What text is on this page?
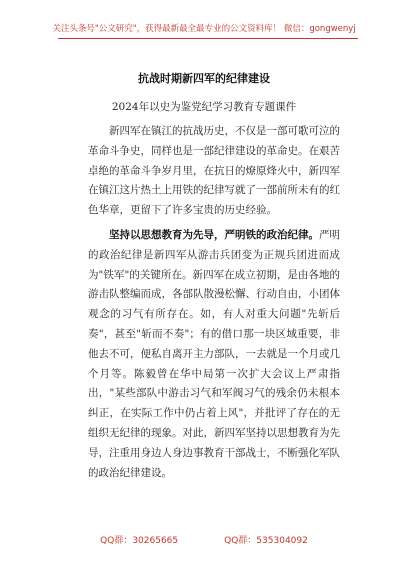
关注头条号"公文研究"，获得最新最全最专业的公文资料库！ 微信：gongwenyj
抗战时期新四军的纪律建设
2024年以史为鉴党纪学习教育专题课件

新四军在镇江的抗战历史，不仅是一部可歌可泣的革命斗争史，同样也是一部纪律建设的革命史。在艰苦卓绝的革命斗争岁月里，在抗日的燎原烽火中，新四军在镇江这片热土上用铁的纪律写就了一部前所未有的红色华章，更留下了许多宝贵的历史经验。

坚持以思想教育为先导，严明铁的政治纪律。严明的政治纪律是新四军从游击兵团变为正规兵团进而成为"铁军"的关键所在。新四军在成立初期，是由各地的游击队整编而成，各部队散漫松懈、行动自由，小团体观念的习气有所存在。如，有人对重大问题"先斩后奏"，甚至"斩而不奏"；有的借口那一块区域重要，非他去不可，便私自离开主力部队，一去就是一个月或几个月等。陈毅曾在华中局第一次扩大会议上严肃指出，"某些部队中游击习气和军阀习气的残余仍未根本纠正，在实际工作中仍占着上风"，并批评了存在的无组织无纪律的现象。对此，新四军坚持以思想教育为先导，注重用身边人身边事教育干部战士，不断强化军队的政治纪律建设。

QQ群：30265665	QQ群：535304092
